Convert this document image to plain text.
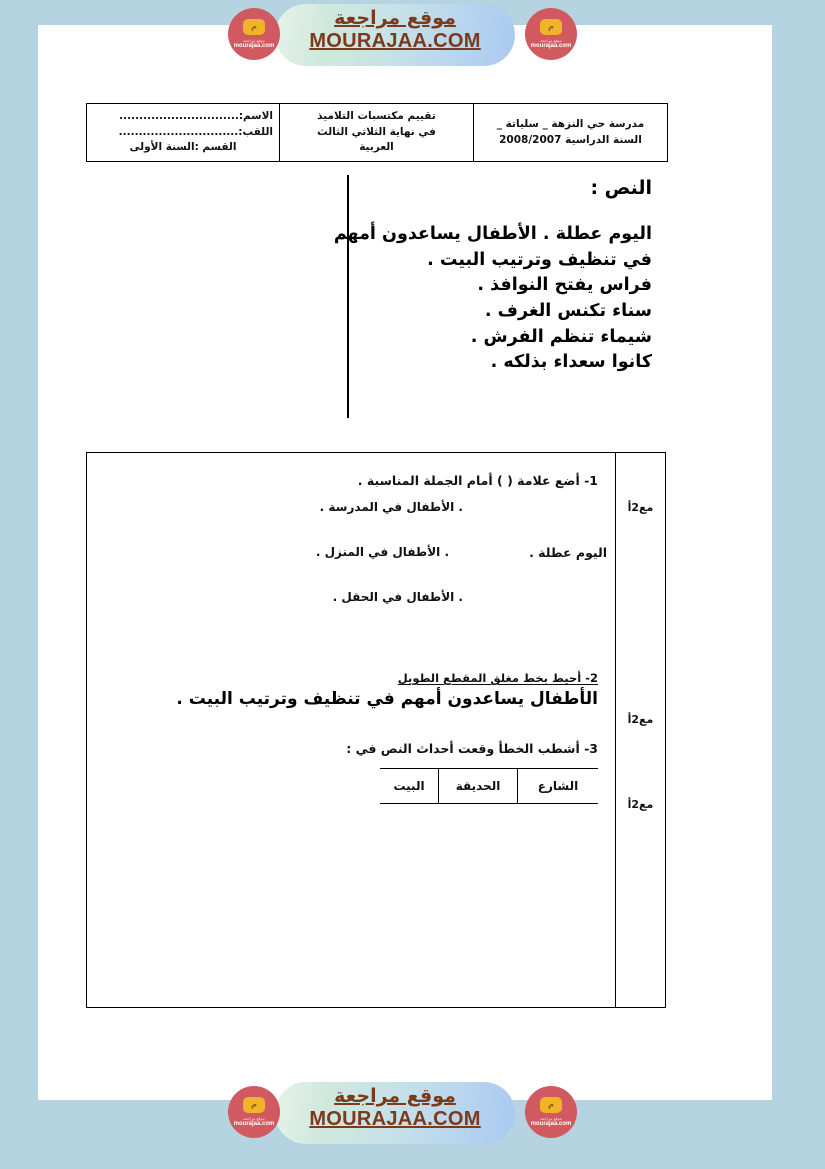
م
موقع مراجعة
mourajaa.com
موقع مراجعة
MOURAJAA.COM
م
موقع مراجعة
mourajaa.com
مدرسة حي النزهة _ سلياتة _
السنة الدراسية 2008/2007
تقييم مكتسبات التلاميذ
في نهاية الثلاثي الثالث
العربية
الاسم:..............................
اللقب:..............................
القسم :السنة الأولى
النص :
اليوم عطلة . الأطفال يساعدون أمهم
في تنظيف وترتيب البيت .
فراس يفتح النوافذ .
سناء تكنس الغرف .
شيماء تنظم الفرش .
كانوا سعداء بذلكه .
مع2أ
مع2أ
مع2أ
1- أضع علامة ( ) أمام الجملة المناسبة .
. الأطفال في المدرسة .
اليوم عطلة .
. الأطفال في المنزل .
. الأطفال في الحقل .
2- أحيط بخط مغلق المقطع الطويل
الأطفال يساعدون أمهم في تنظيف وترتيب البيت .
3- أشطب الخطأ وقعت أحداث النص في :
الشارع
الحديقة
البيت
م
موقع مراجعة
mourajaa.com
موقع مراجعة
MOURAJAA.COM
م
موقع مراجعة
mourajaa.com
